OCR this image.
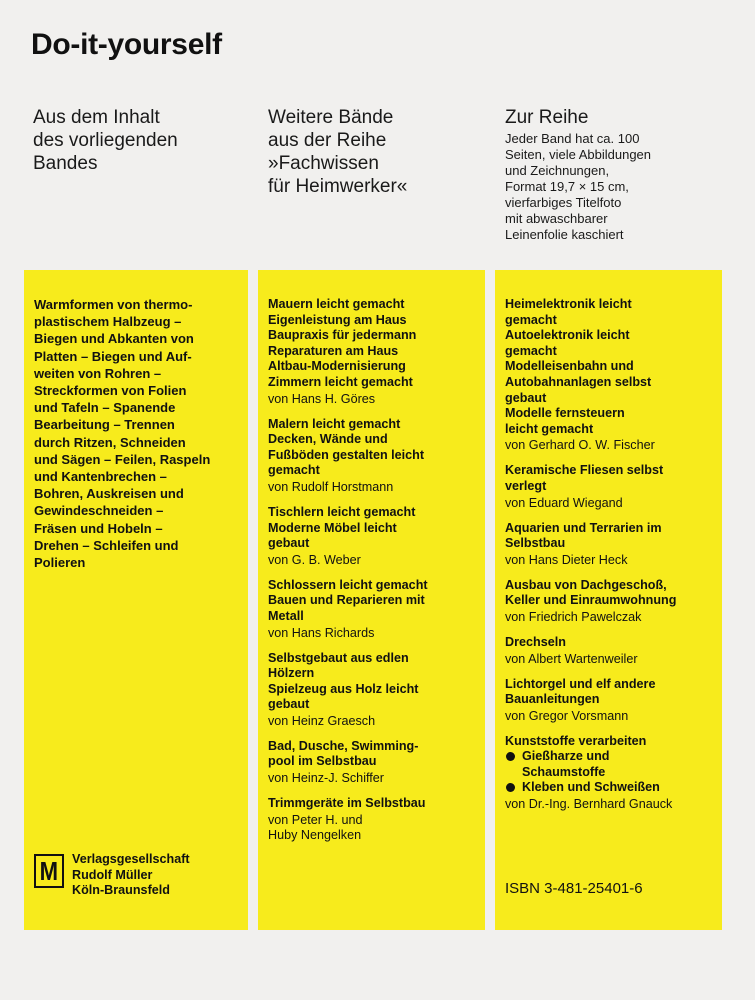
Do-it-yourself
Aus dem Inhalt
des vorliegenden
Bandes
Weitere Bände
aus der Reihe
»Fachwissen
für Heimwerker«
Zur Reihe
Jeder Band hat ca. 100
Seiten, viele Abbildungen
und Zeichnungen,
Format 19,7 × 15 cm,
vierfarbiges Titelfoto
mit abwaschbarer
Leinenfolie kaschiert
Warmformen von thermo-
plastischem Halbzeug –
Biegen und Abkanten von
Platten – Biegen und Auf-
weiten von Rohren –
Streckformen von Folien
und Tafeln – Spanende
Bearbeitung – Trennen
durch Ritzen, Schneiden
und Sägen – Feilen, Raspeln
und Kantenbrechen –
Bohren, Auskreisen und
Gewindeschneiden –
Fräsen und Hobeln –
Drehen – Schleifen und
Polieren
M Verlagsgesellschaft
Rudolf Müller
Köln-Braunsfeld
Mauern leicht gemacht
Eigenleistung am Haus
Baupraxis für jedermann
Reparaturen am Haus
Altbau-Modernisierung
Zimmern leicht gemacht
von Hans H. Göres
Malern leicht gemacht
Decken, Wände und
Fußböden gestalten leicht
gemacht
von Rudolf Horstmann
Tischlern leicht gemacht
Moderne Möbel leicht
gebaut
von G. B. Weber
Schlossern leicht gemacht
Bauen und Reparieren mit
Metall
von Hans Richards
Selbstgebaut aus edlen
Hölzern
Spielzeug aus Holz leicht
gebaut
von Heinz Graesch
Bad, Dusche, Swimming-
pool im Selbstbau
von Heinz-J. Schiffer
Trimmgeräte im Selbstbau
von Peter H. und
Huby Nengelken
Heimelektronik leicht
gemacht
Autoelektronik leicht
gemacht
Modelleisenbahn und
Autobahnanlagen selbst
gebaut
Modelle fernsteuern
leicht gemacht
von Gerhard O. W. Fischer
Keramische Fliesen selbst
verlegt
von Eduard Wiegand
Aquarien und Terrarien im
Selbstbau
von Hans Dieter Heck
Ausbau von Dachgeschoß,
Keller und Einraumwohnung
von Friedrich Pawelczak
Drechseln
von Albert Wartenweiler
Lichtorgel und elf andere
Bauanleitungen
von Gregor Vorsmann
Kunststoffe verarbeiten
Gießharze und
Schaumstoffe
Kleben und Schweißen
von Dr.-Ing. Bernhard Gnauck
ISBN 3-481-25401-6
